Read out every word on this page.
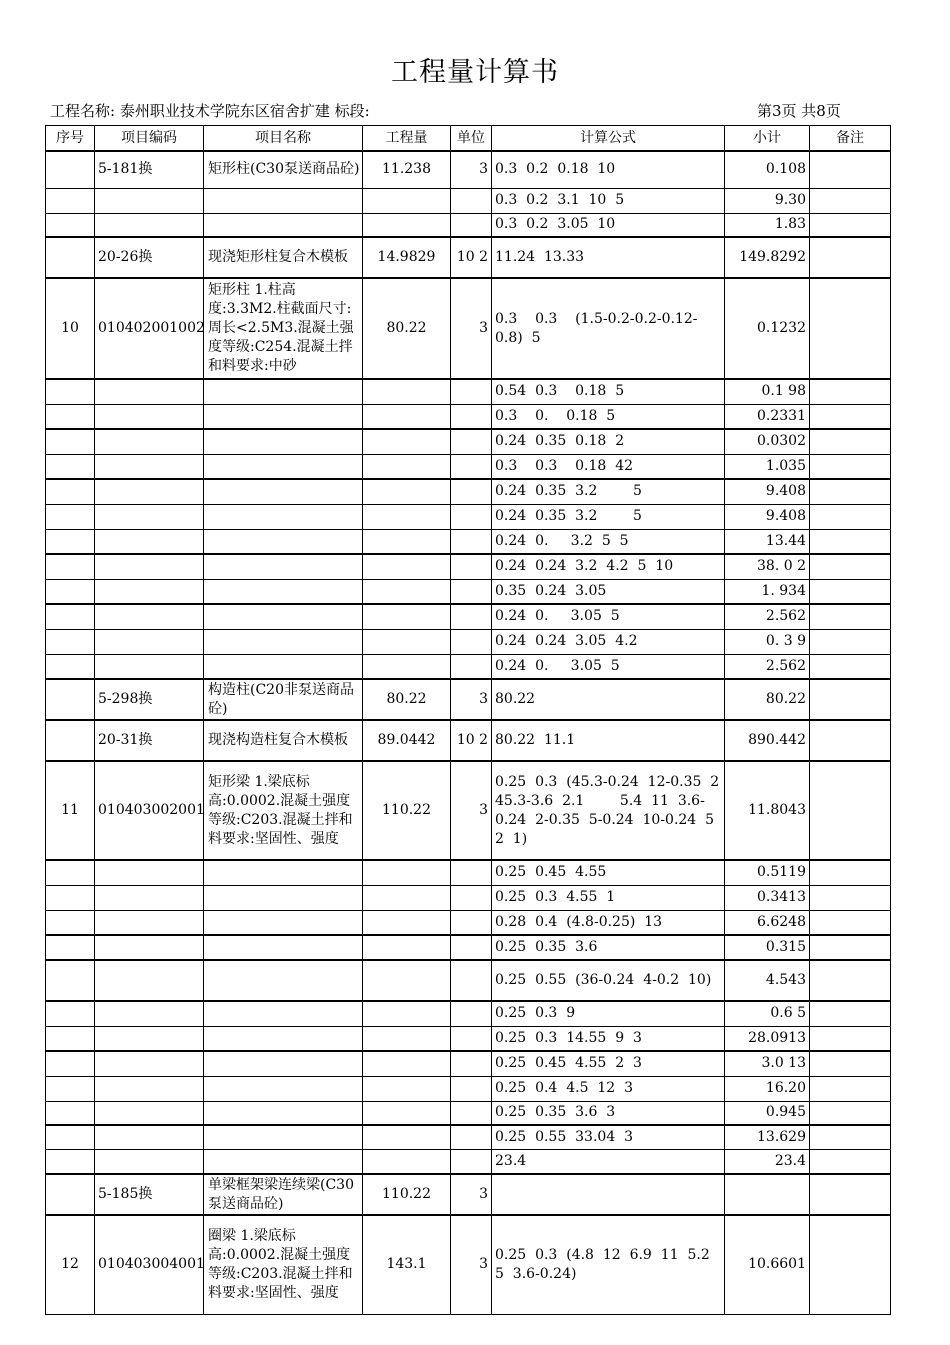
工程量计算书
工程名称: 泰州职业技术学院东区宿舍扩建 标段:	第3页 共8页
序号	项目编码	项目名称	工程量	单位	计算公式	小计	备注
	5-181换	矩形柱(C30泵送商品砼)	11.238	3	0.3  0.2  0.18  10	0.108	
					0.3  0.2  3.1  10  5	9.30	
					0.3  0.2  3.05  10	1.83	
	20-26换	现浇矩形柱复合木模板	14.9829	10 2	11.24  13.33	149.8292	
10	010402001002	矩形柱 1.柱高度:3.3M2.柱截面尺寸:周长<2.5M3.混凝土强度等级:C254.混凝土拌和料要求:中砂	80.22	3	0.3    0.3    (1.5-0.2-0.2-0.12-0.8)  5	0.1232	
					0.54  0.3    0.18  5	0.1 98	
					0.3    0.    0.18  5	0.2331	
					0.24  0.35  0.18  2	0.0302	
					0.3    0.3    0.18  42	1.035	
					0.24  0.35  3.2        5	9.408	
					0.24  0.35  3.2        5	9.408	
					0.24  0.     3.2  5  5	13.44	
					0.24  0.24  3.2  4.2  5  10	38. 0 2	
					0.35  0.24  3.05	1. 934	
					0.24  0.     3.05  5	2.562	
					0.24  0.24  3.05  4.2	0. 3 9	
					0.24  0.     3.05  5	2.562	
	5-298换	构造柱(C20非泵送商品砼)	80.22	3	80.22	80.22	
	20-31换	现浇构造柱复合木模板	89.0442	10 2	80.22  11.1	890.442	
11	010403002001	矩形梁 1.梁底标高:0.0002.混凝土强度等级:C203.混凝土拌和料要求:坚固性、强度	110.22	3	0.25  0.3  (45.3-0.24  12-0.35  2  45.3-3.6  2.1        5.4  11  3.6-0.24  2-0.35  5-0.24  10-0.24  5  2  1)	11.8043	
					0.25  0.45  4.55	0.5119	
					0.25  0.3  4.55  1	0.3413	
					0.28  0.4  (4.8-0.25)  13	6.6248	
					0.25  0.35  3.6	0.315	
					0.25  0.55  (36-0.24  4-0.2  10)	4.543	
					0.25  0.3  9	0.6 5	
					0.25  0.3  14.55  9  3	28.0913	
					0.25  0.45  4.55  2  3	3.0 13	
					0.25  0.4  4.5  12  3	16.20	
					0.25  0.35  3.6  3	0.945	
					0.25  0.55  33.04  3	13.629	
					23.4	23.4	
	5-185换	单梁框架梁连续梁(C30泵送商品砼)	110.22	3			
12	010403004001	圈梁 1.梁底标高:0.0002.混凝土强度等级:C203.混凝土拌和料要求:坚固性、强度	143.1	3	0.25  0.3  (4.8  12  6.9  11  5.2  5  3.6-0.24)	10.6601	
